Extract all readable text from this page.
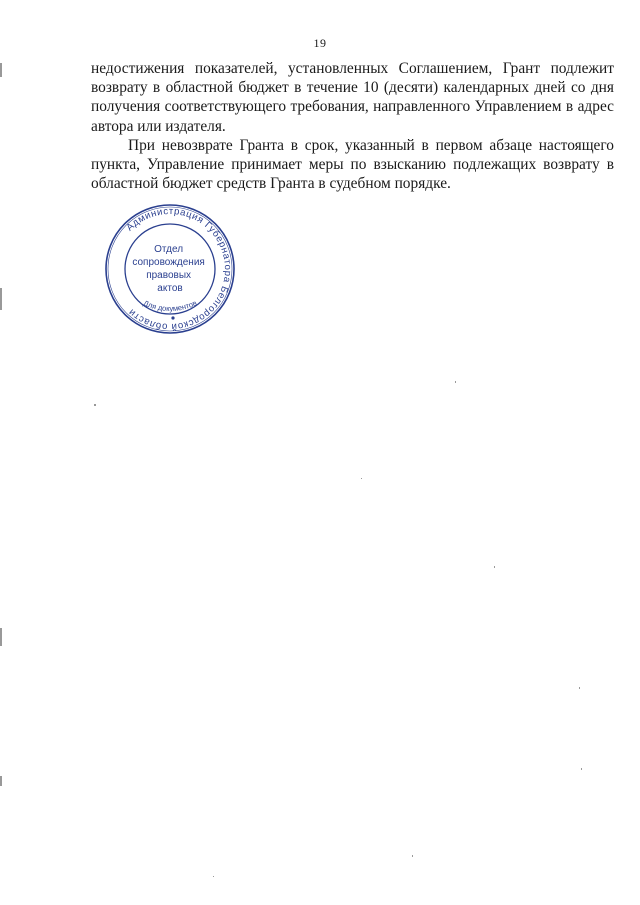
19

недостижения показателей, установленных Соглашением, Грант подлежит возврату в областной бюджет в течение 10 (десяти) календарных дней со дня получения соответствующего требования, направленного Управлением в адрес автора или издателя.

При невозврате Гранта в срок, указанный в первом абзаце настоящего пункта, Управление принимает меры по взысканию подлежащих возврату в областной бюджет средств Гранта в судебном порядке.

Администрация Губернатора Белгородской области
Для документов
Отдел сопровождения правовых актов
